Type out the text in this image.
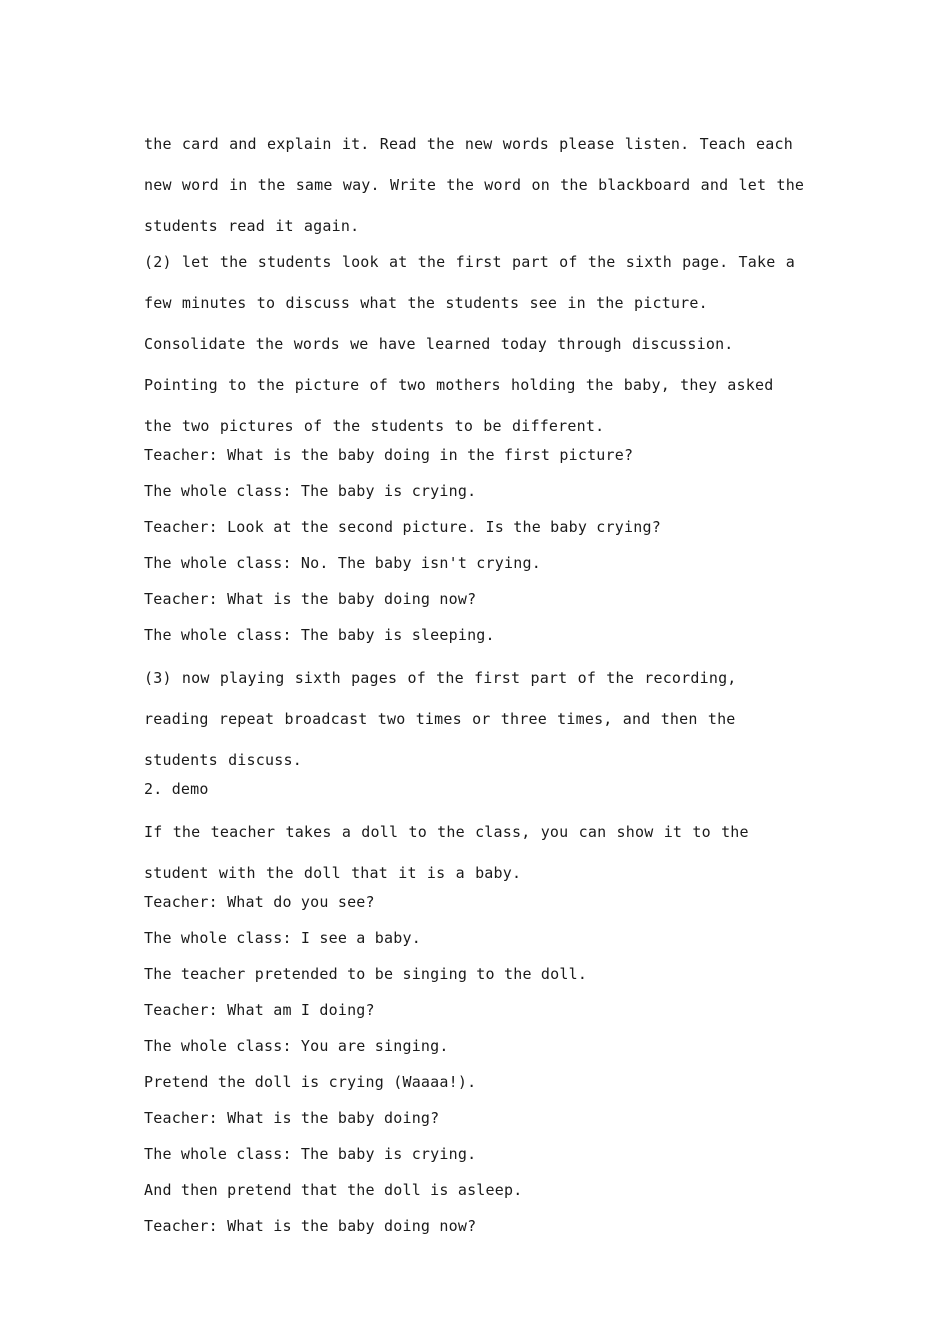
the card and explain it. Read the new words please listen. Teach each new word in the same way. Write the word on the blackboard and let the students read it again.

(2) let the students look at the first part of the sixth page. Take a few minutes to discuss what the students see in the picture. Consolidate the words we have learned today through discussion. Pointing to the picture of two mothers holding the baby, they asked the two pictures of the students to be different.

Teacher: What is the baby doing in the first picture?

The whole class: The baby is crying.

Teacher: Look at the second picture. Is the baby crying?

The whole class: No. The baby isn't crying.

Teacher: What is the baby doing now?

The whole class: The baby is sleeping.

(3) now playing sixth pages of the first part of the recording, reading repeat broadcast two times or three times, and then the students discuss.

2. demo

If the teacher takes a doll to the class, you can show it to the student with the doll that it is a baby.

Teacher: What do you see?

The whole class: I see a baby.

The teacher pretended to be singing to the doll.

Teacher: What am I doing?

The whole class: You are singing.

Pretend the doll is crying (Waaaa!).

Teacher: What is the baby doing?

The whole class: The baby is crying.

And then pretend that the doll is asleep.

Teacher: What is the baby doing now?
